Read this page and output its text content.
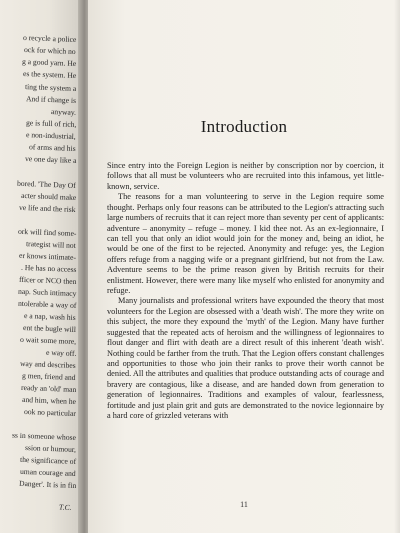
o recycle a police
ock for which no
g a good yarn. He
es the system. He
ting the system a
And if change is
anyway.
ge is full of rich,
e non-industrial,
of arms and his
ve one day like a
bored. 'The Day Of
acter should make
ve life and the risk
ork will find some-
trategist will not
er knows intimate-
. He has no access
fficer or NCO then
nap. Such intimacy
ntolerable a way of
e a nap, wash his
ent the bugle will
o wait some more,
e way off.
way and describes
g men, friend and
ready an 'old' man
and him, when he
ook no particular
ss in someone whose
ssion or humour,
the significance of
uman courage and
Danger'. It is in fin
T.C.
Introduction

Since entry into the Foreign Legion is neither by conscription nor by coercion, it follows that all must be volunteers who are recruited into this infamous, yet little-known, service.

The reasons for a man volunteering to serve in the Legion require some thought. Perhaps only four reasons can be attributed to the Legion's attracting such large numbers of recruits that it can reject more than seventy per cent of applicants: adventure – anonymity – refuge – money. I kid thee not. As an ex-legionnaire, I can tell you that only an idiot would join for the money and, being an idiot, he would be one of the first to be rejected. Anonymity and refuge: yes, the Legion offers refuge from a nagging wife or a pregnant girlfriend, but not from the Law. Adventure seems to be the prime reason given by British recruits for their enlistment. However, there were many like myself who enlisted for anonymity and refuge.

Many journalists and professional writers have expounded the theory that most volunteers for the Legion are obsessed with a 'death wish'. The more they write on this subject, the more they expound the 'myth' of the Legion. Many have further suggested that the repeated acts of heroism and the willingness of legionnaires to flout danger and flirt with death are a direct result of this inherent 'death wish'. Nothing could be farther from the truth. That the Legion offers constant challenges and opportunities to those who join their ranks to prove their worth cannot be denied. All the attributes and qualities that produce outstanding acts of courage and bravery are contagious, like a disease, and are handed down from generation to generation of legionnaires. Traditions and examples of valour, fearlessness, fortitude and just plain grit and guts are demonstrated to the novice legionnaire by a hard core of grizzled veterans with

11
